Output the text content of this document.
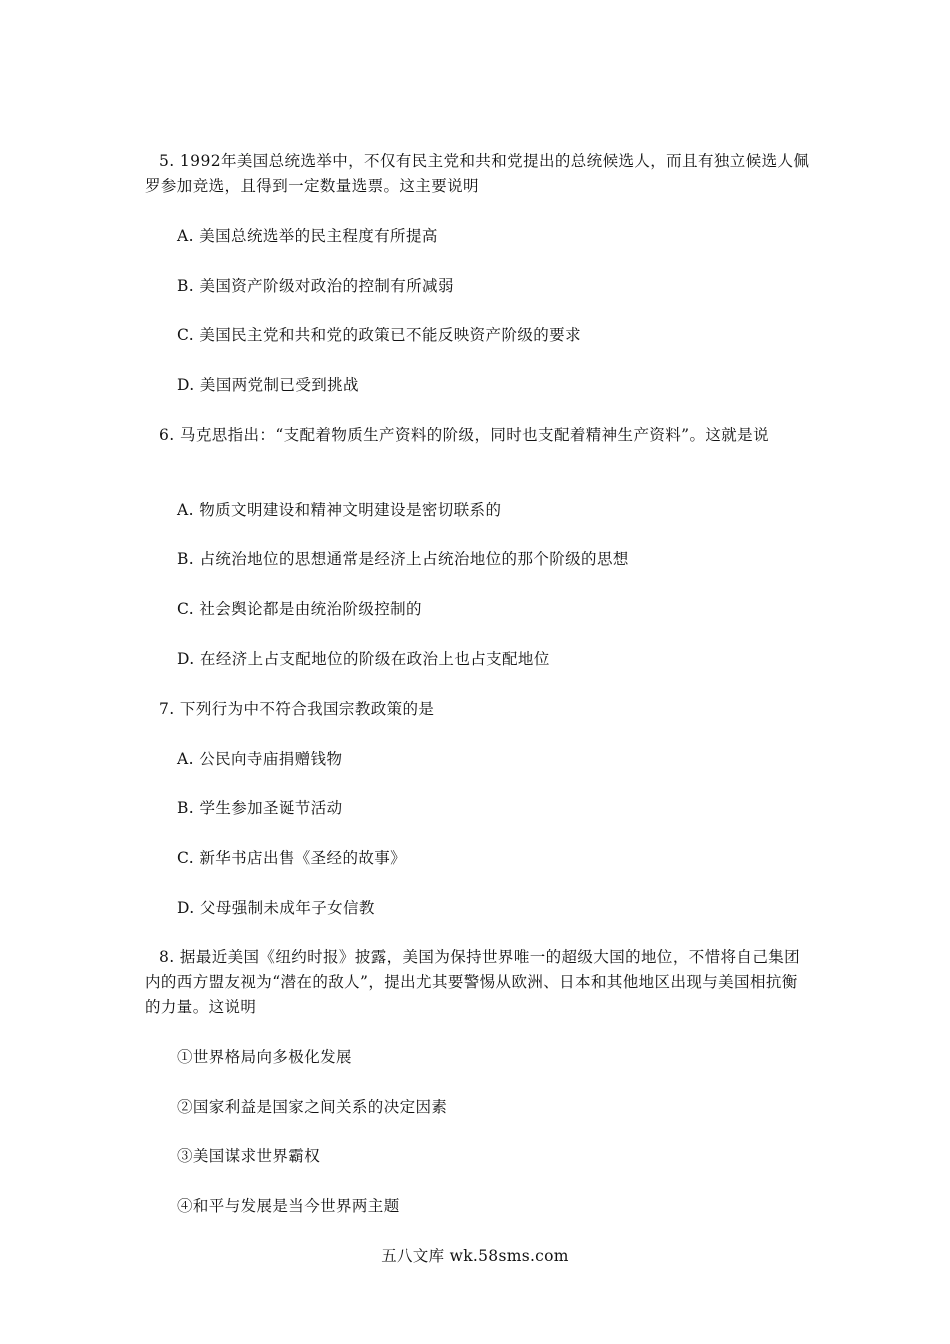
5. 1992年美国总统选举中，不仅有民主党和共和党提出的总统候选人，而且有独立候选人佩罗参加竞选，且得到一定数量选票。这主要说明

A. 美国总统选举的民主程度有所提高

B. 美国资产阶级对政治的控制有所减弱

C. 美国民主党和共和党的政策已不能反映资产阶级的要求

D. 美国两党制已受到挑战

6. 马克思指出：“支配着物质生产资料的阶级，同时也支配着精神生产资料”。这就是说

A. 物质文明建设和精神文明建设是密切联系的

B. 占统治地位的思想通常是经济上占统治地位的那个阶级的思想

C. 社会舆论都是由统治阶级控制的

D. 在经济上占支配地位的阶级在政治上也占支配地位

7. 下列行为中不符合我国宗教政策的是

A. 公民向寺庙捐赠钱物

B. 学生参加圣诞节活动

C. 新华书店出售《圣经的故事》

D. 父母强制未成年子女信教

8. 据最近美国《纽约时报》披露，美国为保持世界唯一的超级大国的地位，不惜将自己集团内的西方盟友视为“潜在的敌人”，提出尤其要警惕从欧洲、日本和其他地区出现与美国相抗衡的力量。这说明

①世界格局向多极化发展

②国家利益是国家之间关系的决定因素

③美国谋求世界霸权

④和平与发展是当今世界两主题

五八文库 wk.58sms.com
